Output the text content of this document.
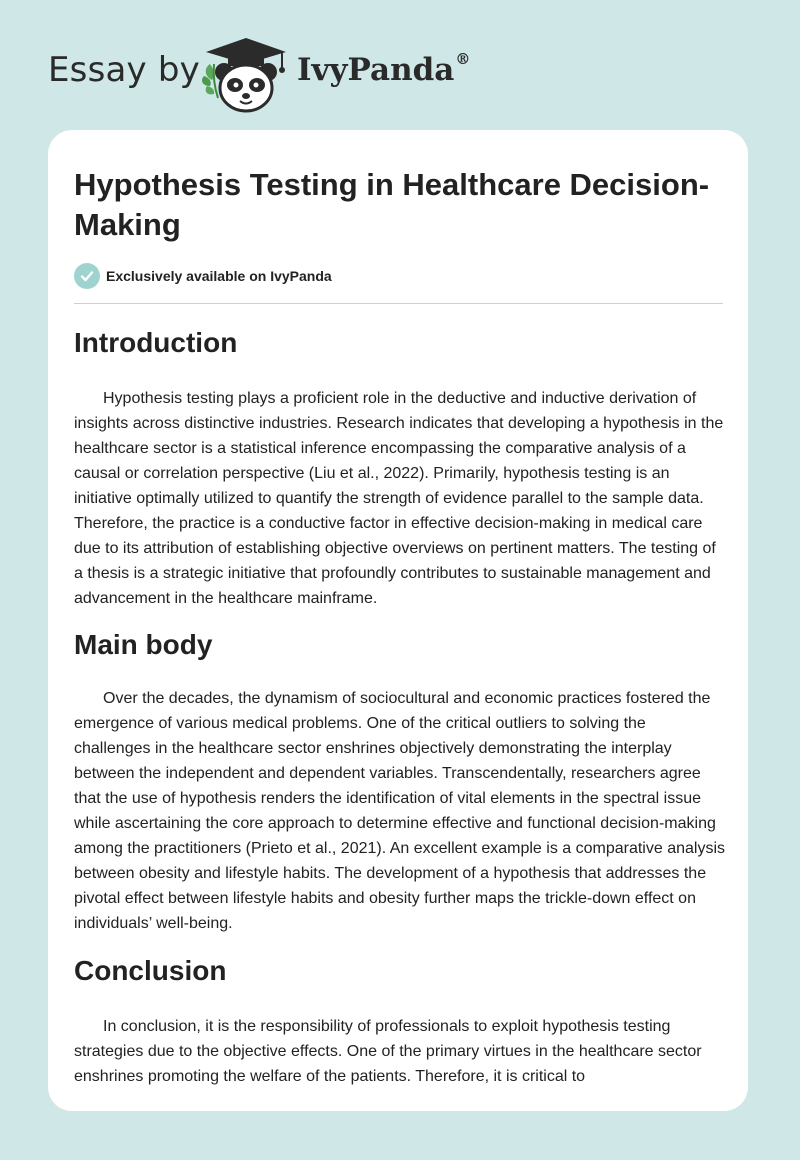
Essay by	IvyPanda®
Hypothesis Testing in Healthcare Decision-Making
Exclusively available on IvyPanda
Introduction

Hypothesis testing plays a proficient role in the deductive and inductive derivation of insights across distinctive industries. Research indicates that developing a hypothesis in the healthcare sector is a statistical inference encompassing the comparative analysis of a causal or correlation perspective (Liu et al., 2022). Primarily, hypothesis testing is an initiative optimally utilized to quantify the strength of evidence parallel to the sample data. Therefore, the practice is a conductive factor in effective decision-making in medical care due to its attribution of establishing objective overviews on pertinent matters. The testing of a thesis is a strategic initiative that profoundly contributes to sustainable management and advancement in the healthcare mainframe.

Main body

Over the decades, the dynamism of sociocultural and economic practices fostered the emergence of various medical problems. One of the critical outliers to solving the challenges in the healthcare sector enshrines objectively demonstrating the interplay between the independent and dependent variables. Transcendentally, researchers agree that the use of hypothesis renders the identification of vital elements in the spectral issue while ascertaining the core approach to determine effective and functional decision-making among the practitioners (Prieto et al., 2021). An excellent example is a comparative analysis between obesity and lifestyle habits. The development of a hypothesis that addresses the pivotal effect between lifestyle habits and obesity further maps the trickle-down effect on individuals’ well-being.

Conclusion

In conclusion, it is the responsibility of professionals to exploit hypothesis testing strategies due to the objective effects. One of the primary virtues in the healthcare sector enshrines promoting the welfare of the patients. Therefore, it is critical to
